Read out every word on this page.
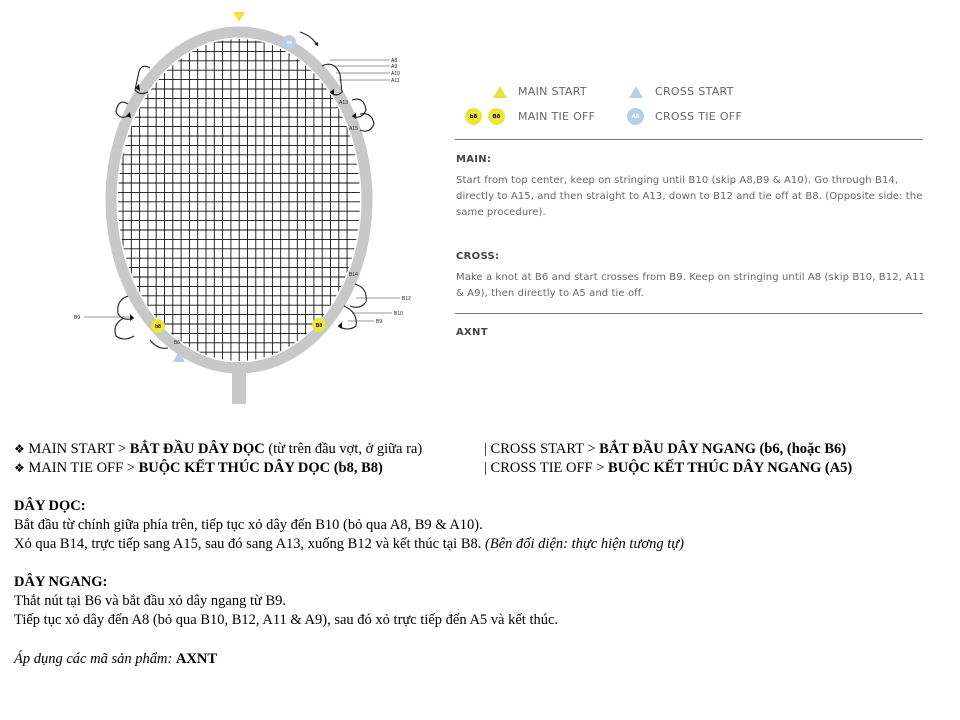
A5
b8	B8
A8
A9
A10
A11
A13
A15
B14
B12
B10
B9
B9
B6
MAIN START	CROSS START
b8	B8 MAIN TIE OFF	A5 CROSS TIE OFF
MAIN:
Start from top center, keep on stringing until B10 (skip A8,B9 & A10). Go through B14, directly to A15, and then straight to A13, down to B12 and tie off at B8. (Opposite side: the same procedure).
CROSS:
Make a knot at B6 and start crosses from B9. Keep on stringing until A8 (skip B10, B12, A11 & A9), then directly to A5 and tie off.
AXNT
❖ MAIN START > BẮT ĐẦU DÂY DỌC (từ trên đầu vợt, ở giữa ra)	| CROSS START > BẮT ĐẦU DÂY NGANG (b6, (hoặc B6)
❖ MAIN TIE OFF > BUỘC KẾT THÚC DÂY DỌC (b8, B8)	| CROSS TIE OFF > BUỘC KẾT THÚC DÂY NGANG (A5)
DÂY DỌC:
Bắt đầu từ chính giữa phía trên, tiếp tục xỏ dây đến B10 (bỏ qua A8, B9 & A10).
Xỏ qua B14, trực tiếp sang A15, sau đó sang A13, xuống B12 và kết thúc tại B8. (Bên đối diện: thực hiện tương tự)
DÂY NGANG:
Thắt nút tại B6 và bắt đầu xỏ dây ngang từ B9.
Tiếp tục xỏ dây đến A8 (bỏ qua B10, B12, A11 & A9), sau đó xỏ trực tiếp đến A5 và kết thúc.
Áp dụng các mã sản phẩm: AXNT
